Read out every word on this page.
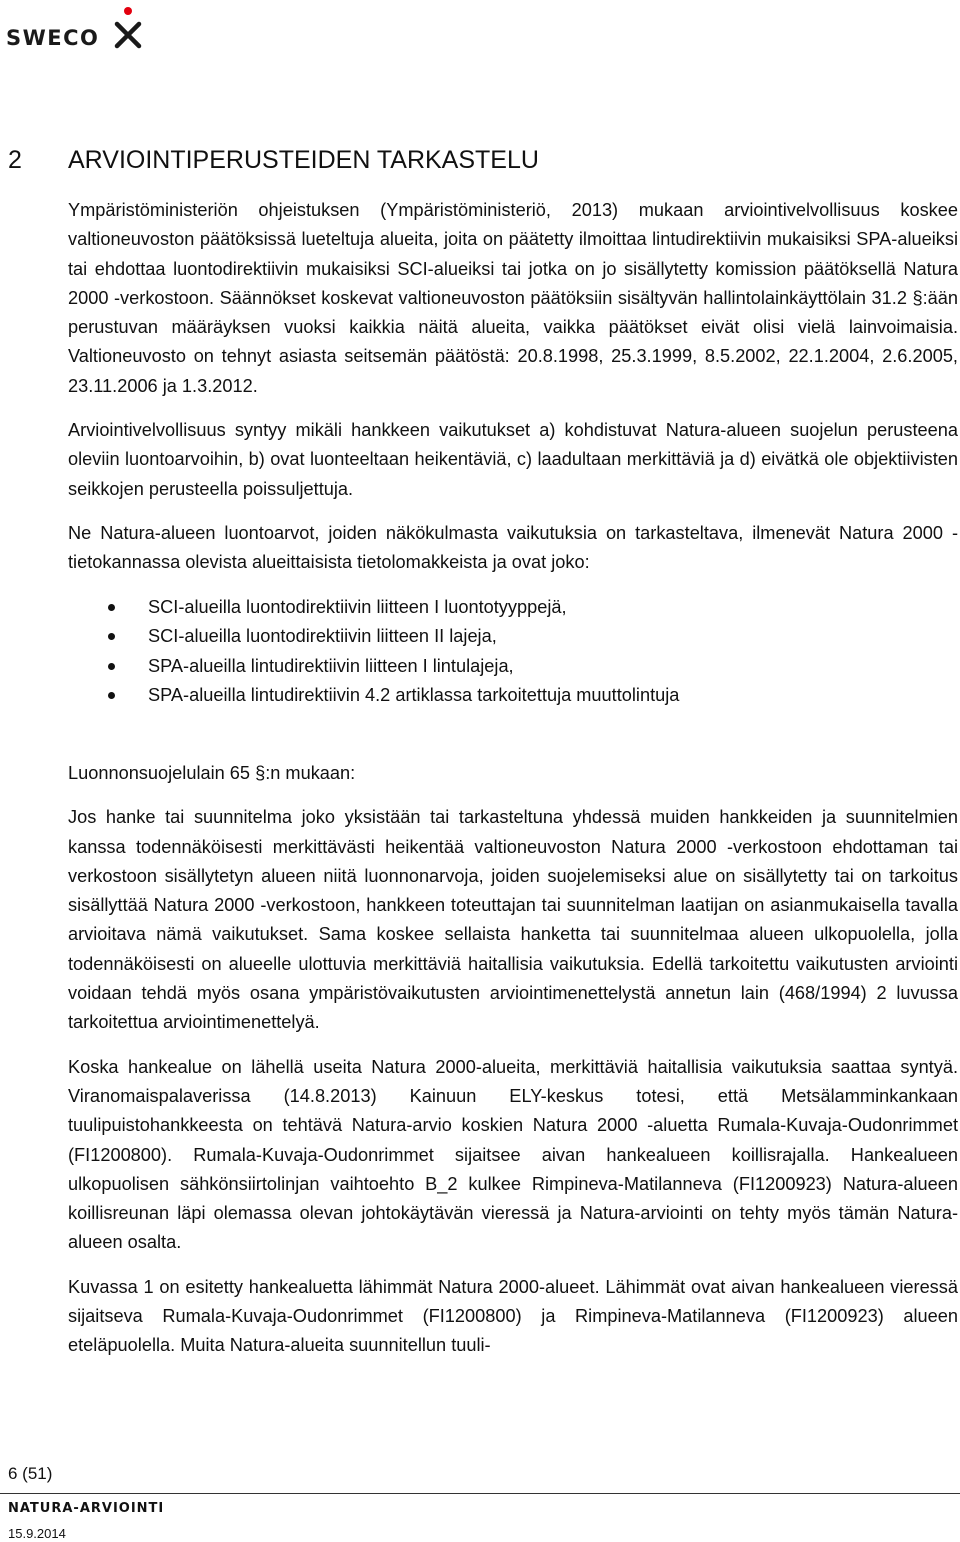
SWECO
2 ARVIOINTIPERUSTEIDEN TARKASTELU

Ympäristöministeriön ohjeistuksen (Ympäristöministeriö, 2013) mukaan arviointivelvollisuus koskee valtioneuvoston päätöksissä lueteltuja alueita, joita on päätetty ilmoittaa lintudirektiivin mukaisiksi SPA-alueiksi tai ehdottaa luontodirektiivin mukaisiksi SCI-alueiksi tai jotka on jo sisällytetty komission päätöksellä Natura 2000 -verkostoon. Säännökset koskevat valtioneuvoston päätöksiin sisältyvän hallintolainkäyttölain 31.2 §:ään perustuvan määräyksen vuoksi kaikkia näitä alueita, vaikka päätökset eivät olisi vielä lainvoimaisia. Valtioneuvosto on tehnyt asiasta seitsemän päätöstä: 20.8.1998, 25.3.1999, 8.5.2002, 22.1.2004, 2.6.2005, 23.11.2006 ja 1.3.2012.

Arviointivelvollisuus syntyy mikäli hankkeen vaikutukset a) kohdistuvat Natura-alueen suojelun perusteena oleviin luontoarvoihin, b) ovat luonteeltaan heikentäviä, c) laadultaan merkittäviä ja d) eivätkä ole objektiivisten seikkojen perusteella poissuljettuja.

Ne Natura-alueen luontoarvot, joiden näkökulmasta vaikutuksia on tarkasteltava, ilmenevät Natura 2000 -tietokannassa olevista alueittaisista tietolomakkeista ja ovat joko:

SCI-alueilla luontodirektiivin liitteen I luontotyyppejä,
SCI-alueilla luontodirektiivin liitteen II lajeja,
SPA-alueilla lintudirektiivin liitteen I lintulajeja,
SPA-alueilla lintudirektiivin 4.2 artiklassa tarkoitettuja muuttolintuja

Luonnonsuojelulain 65 §:n mukaan:

Jos hanke tai suunnitelma joko yksistään tai tarkasteltuna yhdessä muiden hankkeiden ja suunnitelmien kanssa todennäköisesti merkittävästi heikentää valtioneuvoston Natura 2000 -verkostoon ehdottaman tai verkostoon sisällytetyn alueen niitä luonnonarvoja, joiden suojelemiseksi alue on sisällytetty tai on tarkoitus sisällyttää Natura 2000 -verkostoon, hankkeen toteuttajan tai suunnitelman laatijan on asianmukaisella tavalla arvioitava nämä vaikutukset. Sama koskee sellaista hanketta tai suunnitelmaa alueen ulkopuolella, jolla todennäköisesti on alueelle ulottuvia merkittäviä haitallisia vaikutuksia. Edellä tarkoitettu vaikutusten arviointi voidaan tehdä myös osana ympäristövaikutusten arviointimenettelystä annetun lain (468/1994) 2 luvussa tarkoitettua arviointimenettelyä.

Koska hankealue on lähellä useita Natura 2000-alueita, merkittäviä haitallisia vaikutuksia saattaa syntyä. Viranomaispalaverissa (14.8.2013) Kainuun ELY-keskus totesi, että Metsälamminkankaan tuulipuistohankkeesta on tehtävä Natura-arvio koskien Natura 2000 -aluetta Rumala-Kuvaja-Oudonrimmet (FI1200800). Rumala-Kuvaja-Oudonrimmet sijaitsee aivan hankealueen koillisrajalla. Hankealueen ulkopuolisen sähkönsiirtolinjan vaihtoehto B_2 kulkee Rimpineva-Matilanneva (FI1200923) Natura-alueen koillisreunan läpi olemassa olevan johtokäytävän vieressä ja Natura-arviointi on tehty myös tämän Natura-alueen osalta.

Kuvassa 1 on esitetty hankealuetta lähimmät Natura 2000-alueet. Lähimmät ovat aivan hankealueen vieressä sijaitseva Rumala-Kuvaja-Oudonrimmet (FI1200800) ja Rimpineva-Matilanneva (FI1200923) alueen eteläpuolella. Muita Natura-alueita suunnitellun tuuli-

6 (51)
NATURA-ARVIOINTI
15.9.2014
